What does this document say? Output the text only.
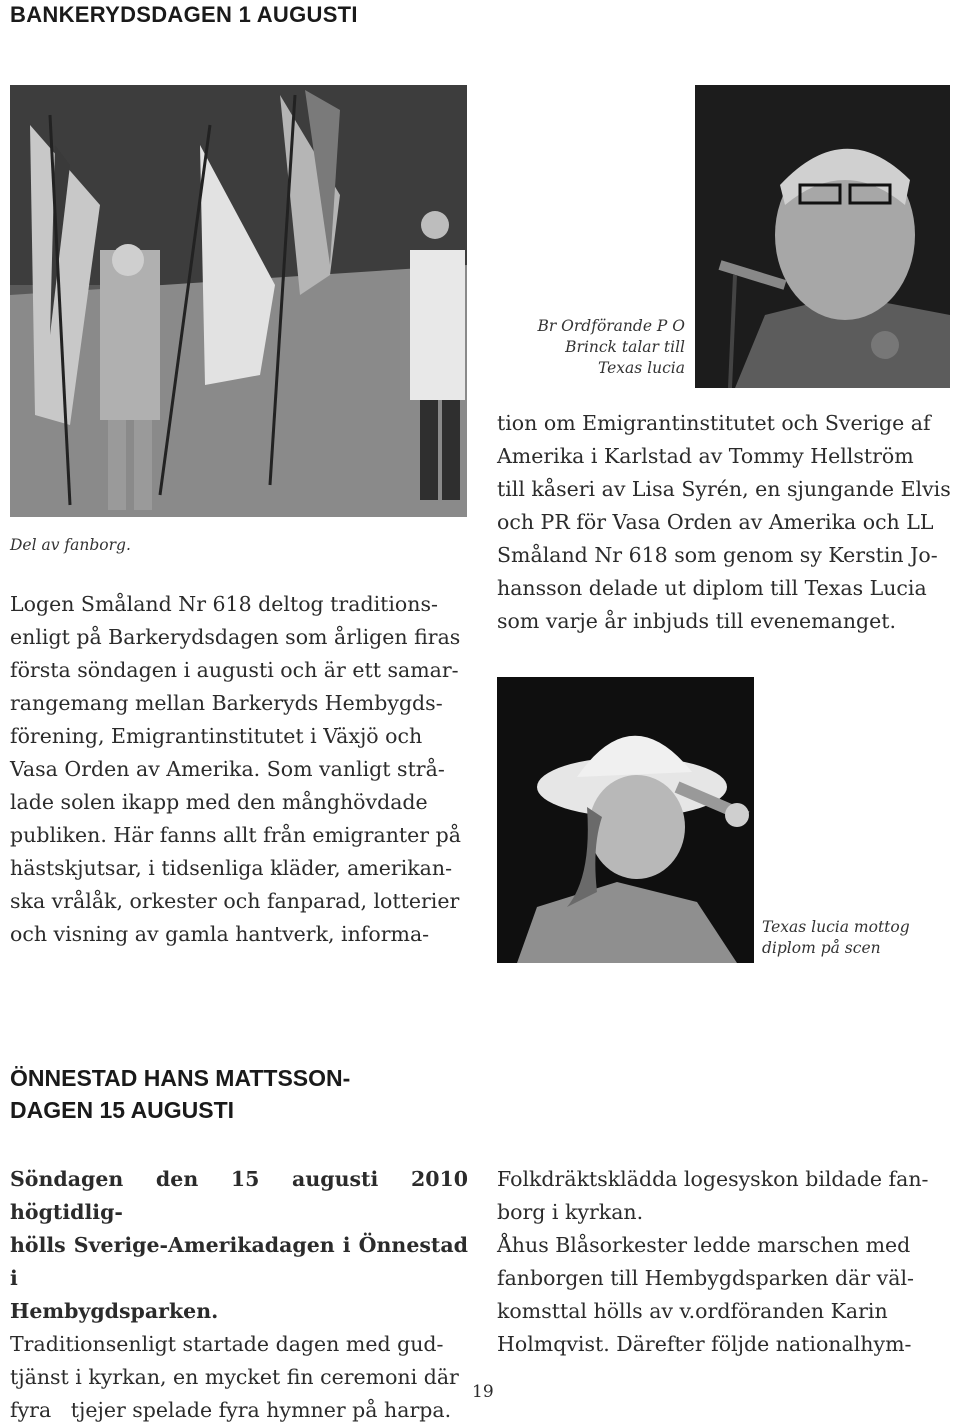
BANKERYDSDAGEN 1 AUGUSTI
Del av fanborg.
Br Ordförande P O
Brinck talar till
Texas lucia

Logen Småland Nr 618 deltog traditions-

enligt på Barkerydsdagen som årligen firas

första söndagen i augusti och är ett samar-

rangemang mellan Barkeryds Hembygds-

förening, Emigrantinstitutet i Växjö och

Vasa Orden av Amerika. Som vanligt strå-

lade solen ikapp med den månghövdade

publiken. Här fanns allt från emigranter på

hästskjutsar, i tidsenliga kläder, amerikan-

ska vrålåk, orkester och fanparad, lotterier

och visning av gamla hantverk, informa-

tion om Emigrantinstitutet och Sverige af

Amerika i Karlstad av Tommy Hellström

till kåseri av Lisa Syrén, en sjungande Elvis

och PR för Vasa Orden av Amerika och LL

Småland Nr 618 som genom sy Kerstin Jo-

hansson delade ut diplom till Texas Lucia

som varje år inbjuds till evenemanget.

Texas lucia mottog
diplom på scen
ÖNNESTAD HANS MATTSSON-
DAGEN 15 AUGUSTI

Söndagen den 15 augusti 2010 högtidlig-

hölls Sverige-Amerikadagen i Önnestad i

Hembygdsparken.

Traditionsenligt startade dagen med gud-

tjänst i kyrkan, en mycket fin ceremoni där

fyra   tjejer spelade fyra hymner på harpa.

Folkdräktsklädda logesyskon bildade fan-

borg i kyrkan.

Åhus Blåsorkester ledde marschen med

fanborgen till Hembygdsparken där väl-

komsttal hölls av v.ordföranden Karin

Holmqvist. Därefter följde nationalhym-

19
